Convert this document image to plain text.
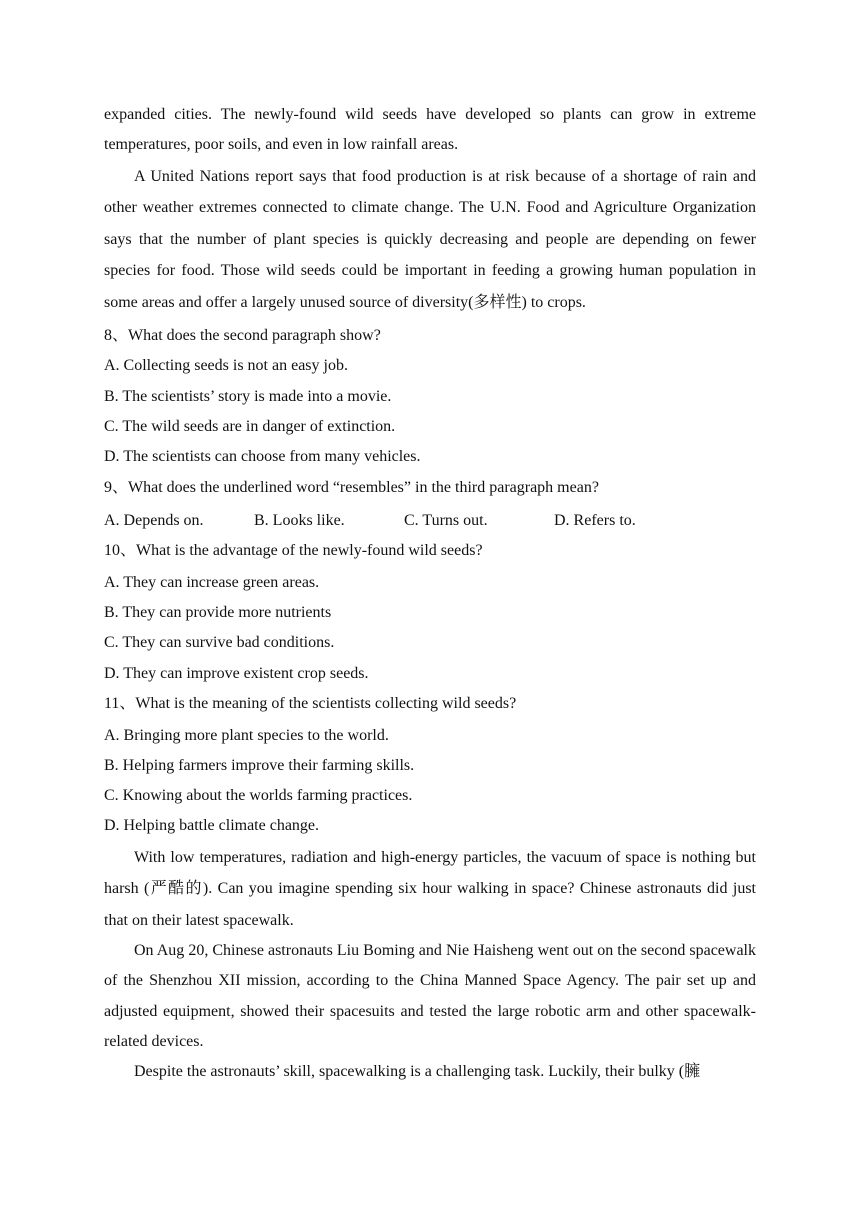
expanded cities. The newly-found wild seeds have developed so plants can grow in extreme temperatures, poor soils, and even in low rainfall areas.

A United Nations report says that food production is at risk because of a shortage of rain and other weather extremes connected to climate change. The U.N. Food and Agriculture Organization says that the number of plant species is quickly decreasing and people are depending on fewer species for food. Those wild seeds could be important in feeding a growing human population in some areas and offer a largely unused source of diversity(多样性) to crops.

8、What does the second paragraph show?

A. Collecting seeds is not an easy job.

B. The scientists’ story is made into a movie.

C. The wild seeds are in danger of extinction.

D. The scientists can choose from many vehicles.

9、What does the underlined word “resembles” in the third paragraph mean?

A. Depends on.	B. Looks like.	C. Turns out.	D. Refers to.

10、What is the advantage of the newly-found wild seeds?

A. They can increase green areas.

B. They can provide more nutrients

C. They can survive bad conditions.

D. They can improve existent crop seeds.

11、What is the meaning of the scientists collecting wild seeds?

A. Bringing more plant species to the world.

B. Helping farmers improve their farming skills.

C. Knowing about the worlds farming practices.

D. Helping battle climate change.

With low temperatures, radiation and high-energy particles, the vacuum of space is nothing but harsh (严酷的). Can you imagine spending six hour walking in space? Chinese astronauts did just that on their latest spacewalk.

On Aug 20, Chinese astronauts Liu Boming and Nie Haisheng went out on the second spacewalk of the Shenzhou XII mission, according to the China Manned Space Agency. The pair set up and adjusted equipment, showed their spacesuits and tested the large robotic arm and other spacewalk-related devices.

Despite the astronauts’ skill, spacewalking is a challenging task. Luckily, their bulky (臃
